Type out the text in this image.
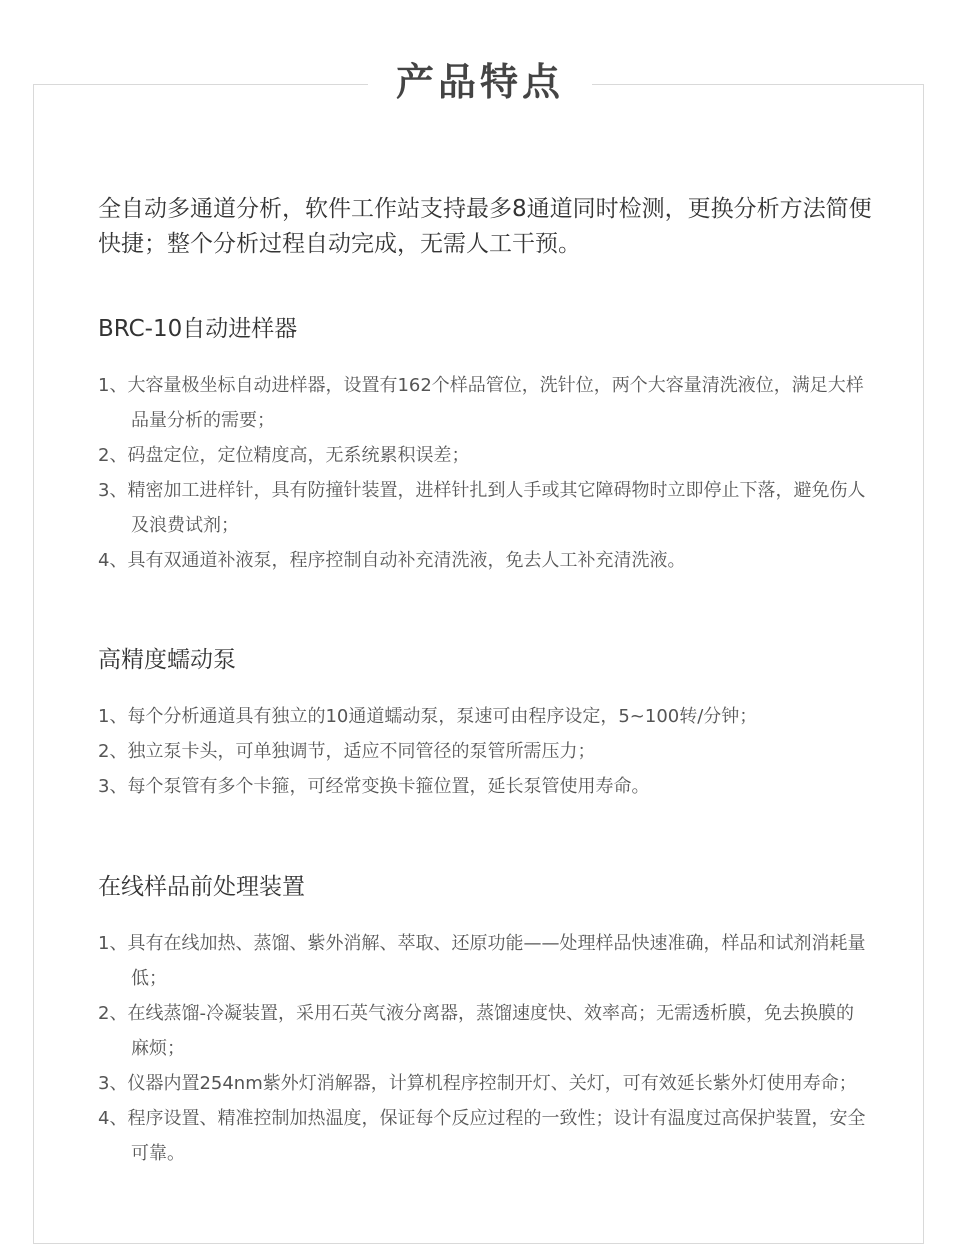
产品特点

全自动多通道分析，软件工作站支持最多8通道同时检测，更换分析方法简便快捷；整个分析过程自动完成，无需人工干预。

BRC-10自动进样器
1、大容量极坐标自动进样器，设置有162个样品管位，洗针位，两个大容量清洗液位，满足大样品量分析的需要；
2、码盘定位，定位精度高，无系统累积误差；
3、精密加工进样针，具有防撞针装置，进样针扎到人手或其它障碍物时立即停止下落，避免伤人及浪费试剂；
4、具有双通道补液泵，程序控制自动补充清洗液，免去人工补充清洗液。
高精度蠕动泵
1、每个分析通道具有独立的10通道蠕动泵，泵速可由程序设定，5~100转/分钟；
2、独立泵卡头，可单独调节，适应不同管径的泵管所需压力；
3、每个泵管有多个卡箍，可经常变换卡箍位置，延长泵管使用寿命。
在线样品前处理装置
1、具有在线加热、蒸馏、紫外消解、萃取、还原功能——处理样品快速准确，样品和试剂消耗量低；
2、在线蒸馏-冷凝装置，采用石英气液分离器，蒸馏速度快、效率高；无需透析膜，免去换膜的麻烦；
3、仪器内置254nm紫外灯消解器，计算机程序控制开灯、关灯，可有效延长紫外灯使用寿命；
4、程序设置、精准控制加热温度，保证每个反应过程的一致性；设计有温度过高保护装置，安全可靠。
